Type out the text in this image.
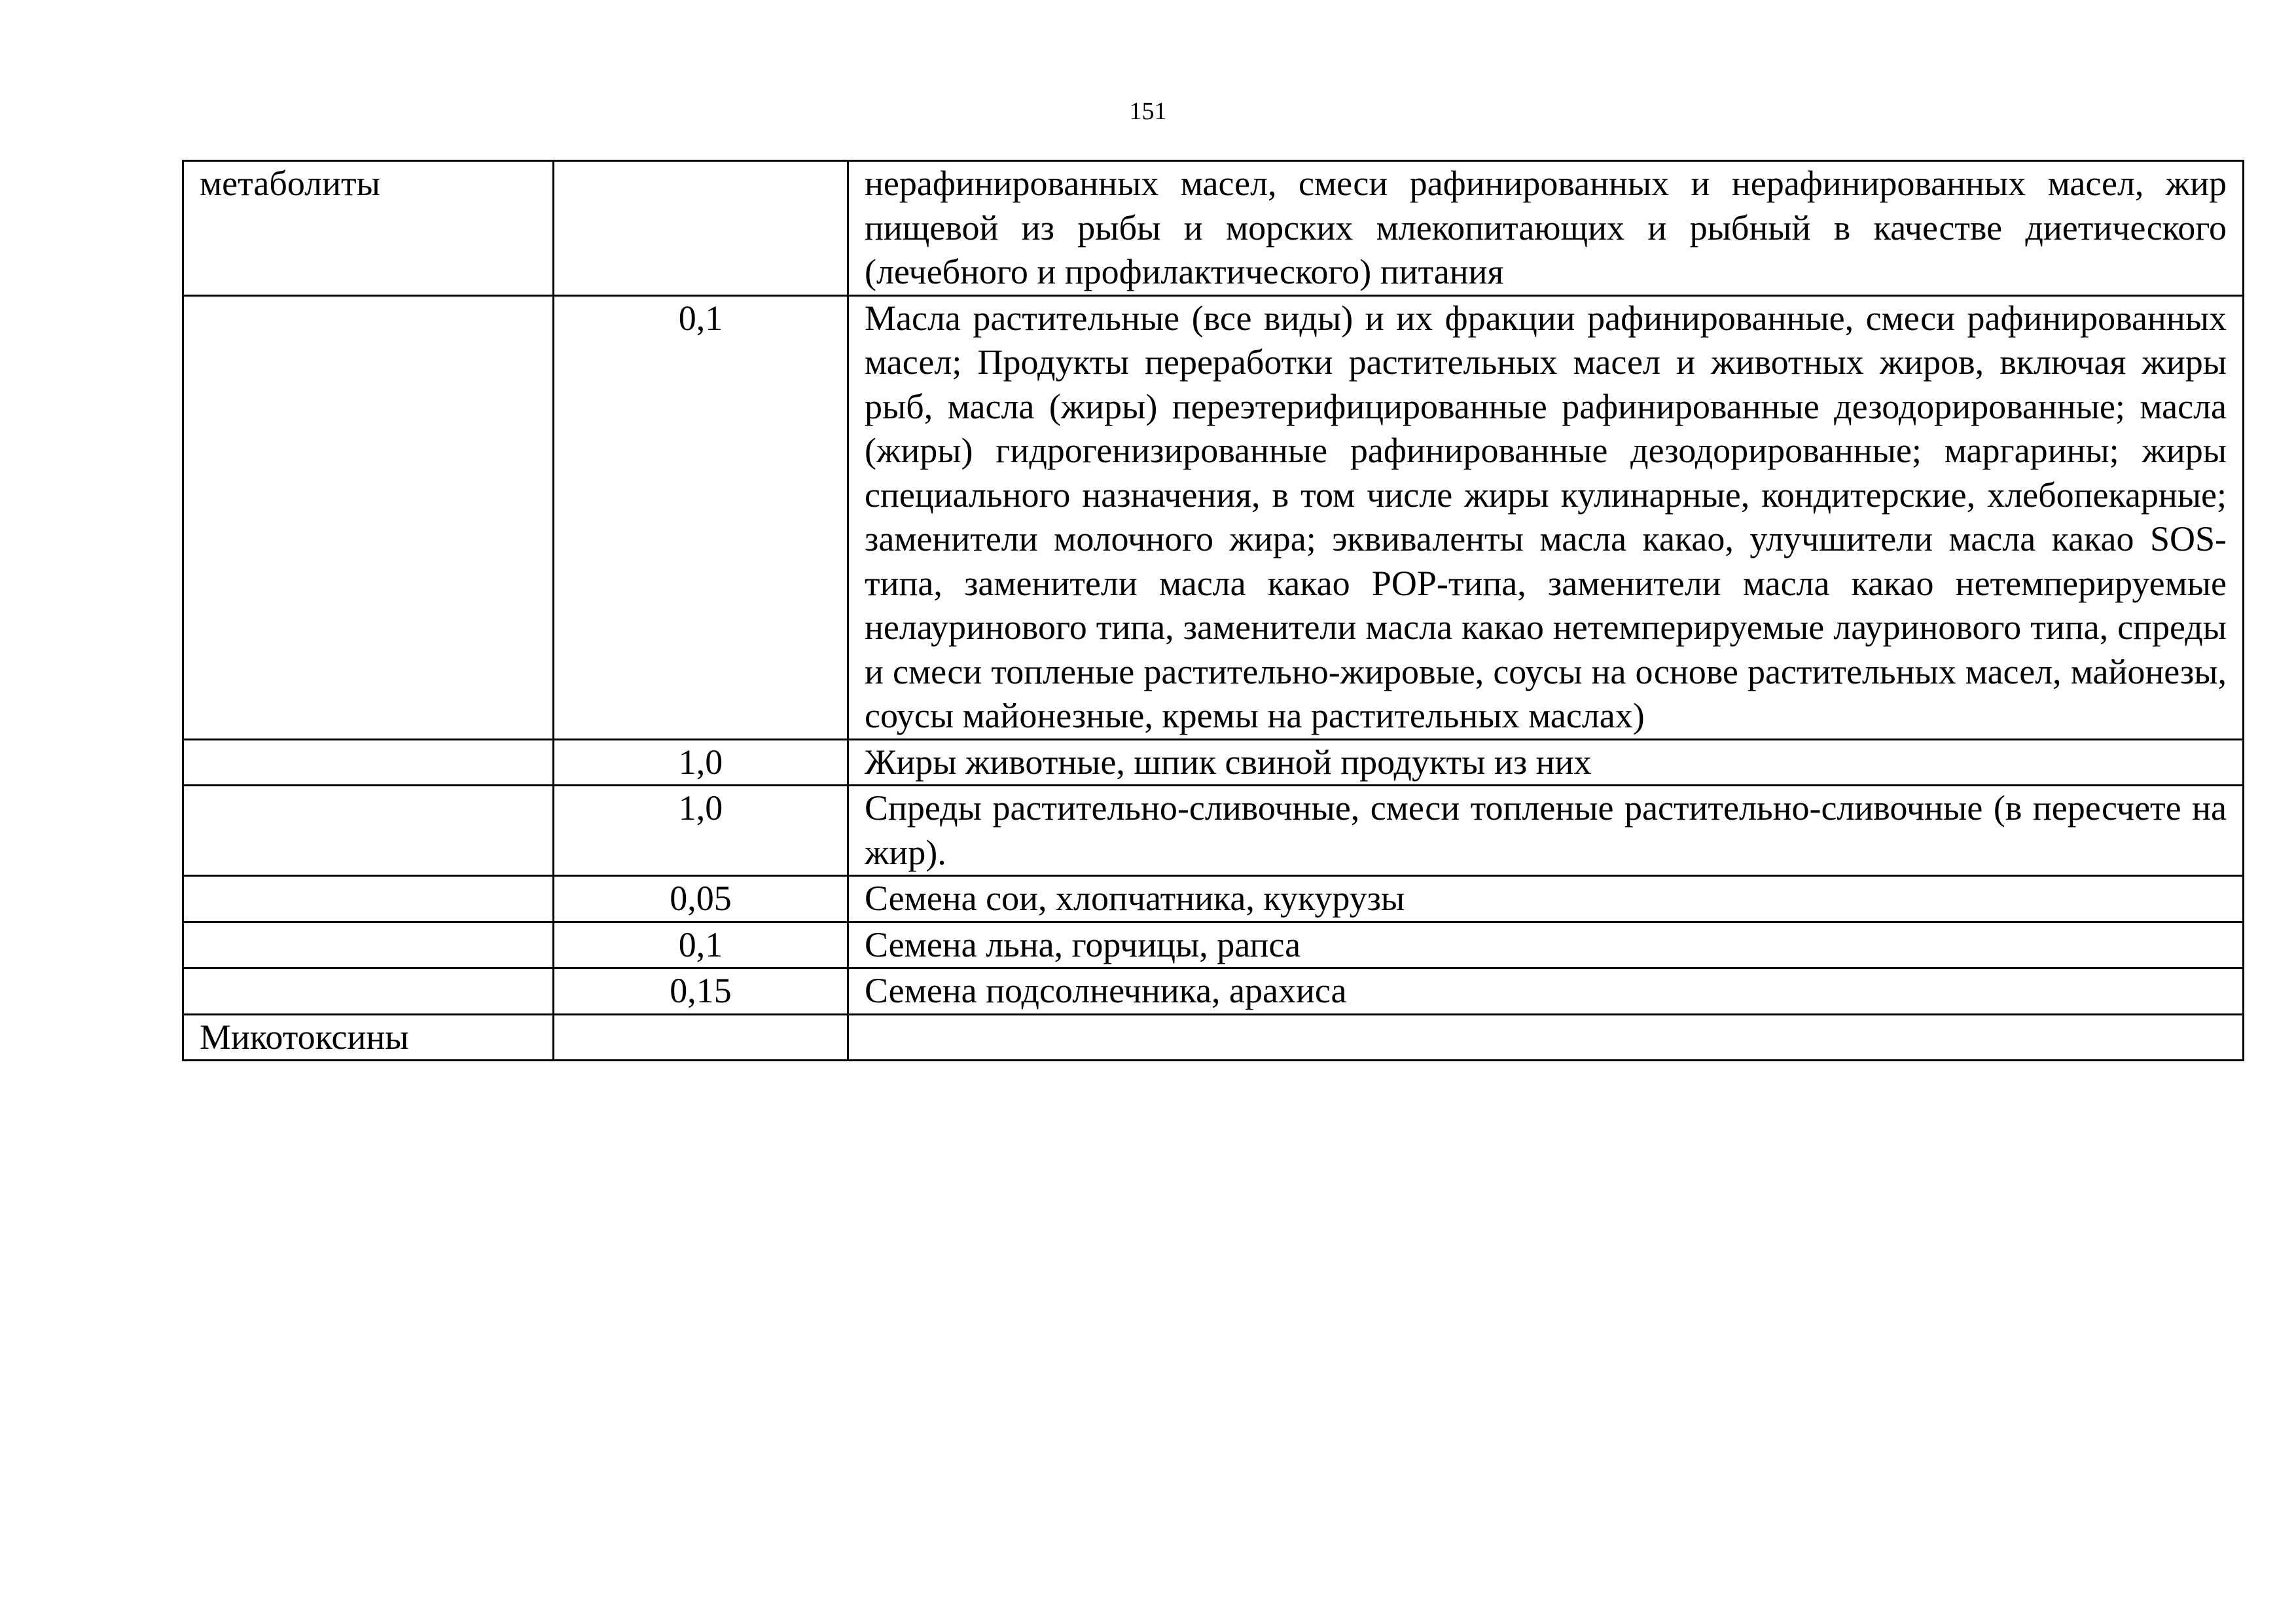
151
метаболиты		нерафинированных масел, смеси рафинированных и нерафинированных масел, жир пищевой из рыбы и морских млекопитающих и рыбный в качестве диетического (лечебного и профилактического) питания
	0,1	Масла растительные (все виды) и их фракции рафинированные, смеси рафинированных масел; Продукты переработки растительных масел и животных жиров, включая жиры рыб, масла (жиры) переэтерифицированные рафинированные дезодорированные; масла (жиры) гидрогенизированные рафинированные дезодорированные; маргарины; жиры специального назначения, в том числе жиры кулинарные, кондитерские, хлебопекарные; заменители молочного жира; эквиваленты масла какао, улучшители масла какао SOS-типа, заменители масла какао POP-типа, заменители масла какао нетемперируемые нелауринового типа, заменители масла какао нетемперируемые лауринового типа, спреды и смеси топленые растительно-жировые, соусы на основе растительных масел, майонезы, соусы майонезные, кремы на растительных маслах)
	1,0	Жиры животные, шпик свиной продукты из них
	1,0	Спреды растительно-сливочные, смеси топленые растительно-сливочные (в пересчете на жир).
	0,05	Семена сои, хлопчатника, кукурузы
	0,1	Семена льна, горчицы, рапса
	0,15	Семена подсолнечника, арахиса
Микотоксины		
